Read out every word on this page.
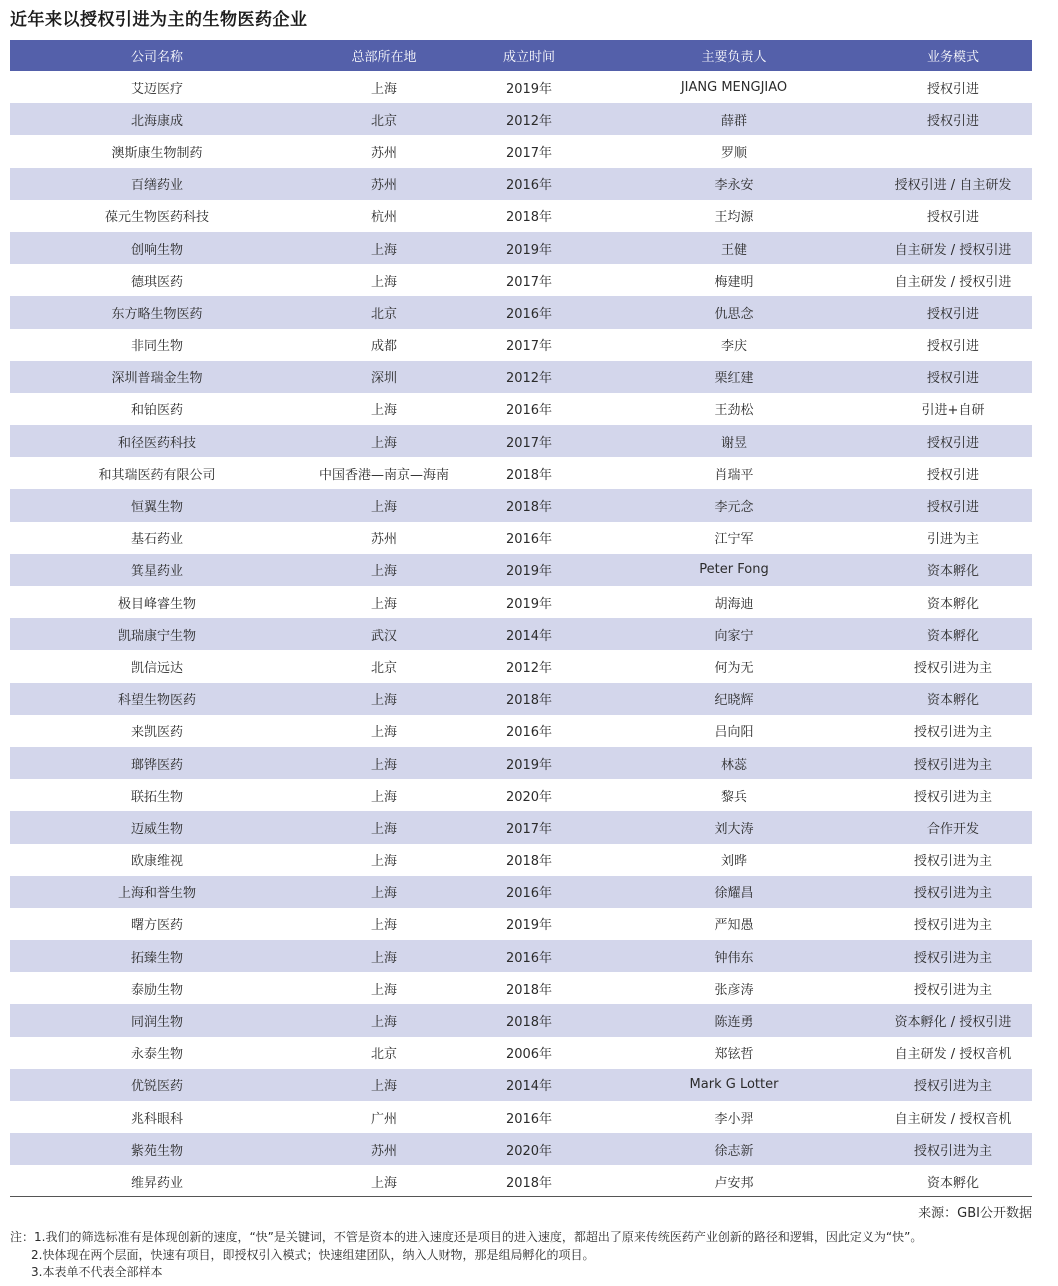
近年来以授权引进为主的生物医药企业
公司名称	总部所在地	成立时间	主要负责人	业务模式
艾迈医疗	上海	2019年	JIANG MENGJIAO	授权引进
北海康成	北京	2012年	薛群	授权引进
澳斯康生物制药	苏州	2017年	罗顺
百缮药业	苏州	2016年	李永安	授权引进 / 自主研发
葆元生物医药科技	杭州	2018年	王均源	授权引进
创响生物	上海	2019年	王健	自主研发 / 授权引进
德琪医药	上海	2017年	梅建明	自主研发 / 授权引进
东方略生物医药	北京	2016年	仇思念	授权引进
非同生物	成都	2017年	李庆	授权引进
深圳普瑞金生物	深圳	2012年	栗红建	授权引进
和铂医药	上海	2016年	王劲松	引进+自研
和径医药科技	上海	2017年	谢昱	授权引进
和其瑞医药有限公司	中国香港—南京—海南	2018年	肖瑞平	授权引进
恒翼生物	上海	2018年	李元念	授权引进
基石药业	苏州	2016年	江宁军	引进为主
箕星药业	上海	2019年	Peter Fong	资本孵化
极目峰睿生物	上海	2019年	胡海迪	资本孵化
凯瑞康宁生物	武汉	2014年	向家宁	资本孵化
凯信远达	北京	2012年	何为无	授权引进为主
科望生物医药	上海	2018年	纪晓辉	资本孵化
来凯医药	上海	2016年	吕向阳	授权引进为主
瑯铧医药	上海	2019年	林蕊	授权引进为主
联拓生物	上海	2020年	黎兵	授权引进为主
迈威生物	上海	2017年	刘大涛	合作开发
欧康维视	上海	2018年	刘晔	授权引进为主
上海和誉生物	上海	2016年	徐耀昌	授权引进为主
曙方医药	上海	2019年	严知愚	授权引进为主
拓臻生物	上海	2016年	钟伟东	授权引进为主
泰励生物	上海	2018年	张彦涛	授权引进为主
同润生物	上海	2018年	陈连勇	资本孵化 / 授权引进
永泰生物	北京	2006年	郑铉哲	自主研发 / 授权音机
优锐医药	上海	2014年	Mark G Lotter	授权引进为主
兆科眼科	广州	2016年	李小羿	自主研发 / 授权音机
紫苑生物	苏州	2020年	徐志新	授权引进为主
维昇药业	上海	2018年	卢安邦	资本孵化
来源：GBI公开数据
注：1.我们的筛选标准有是体现创新的速度，“快”是关键词，不管是资本的进入速度还是项目的进入速度，都超出了原来传统医药产业创新的路径和逻辑，因此定义为“快”。
2.快体现在两个层面，快速有项目，即授权引入模式；快速组建团队，纳入人财物，那是组局孵化的项目。
3.本表单不代表全部样本
